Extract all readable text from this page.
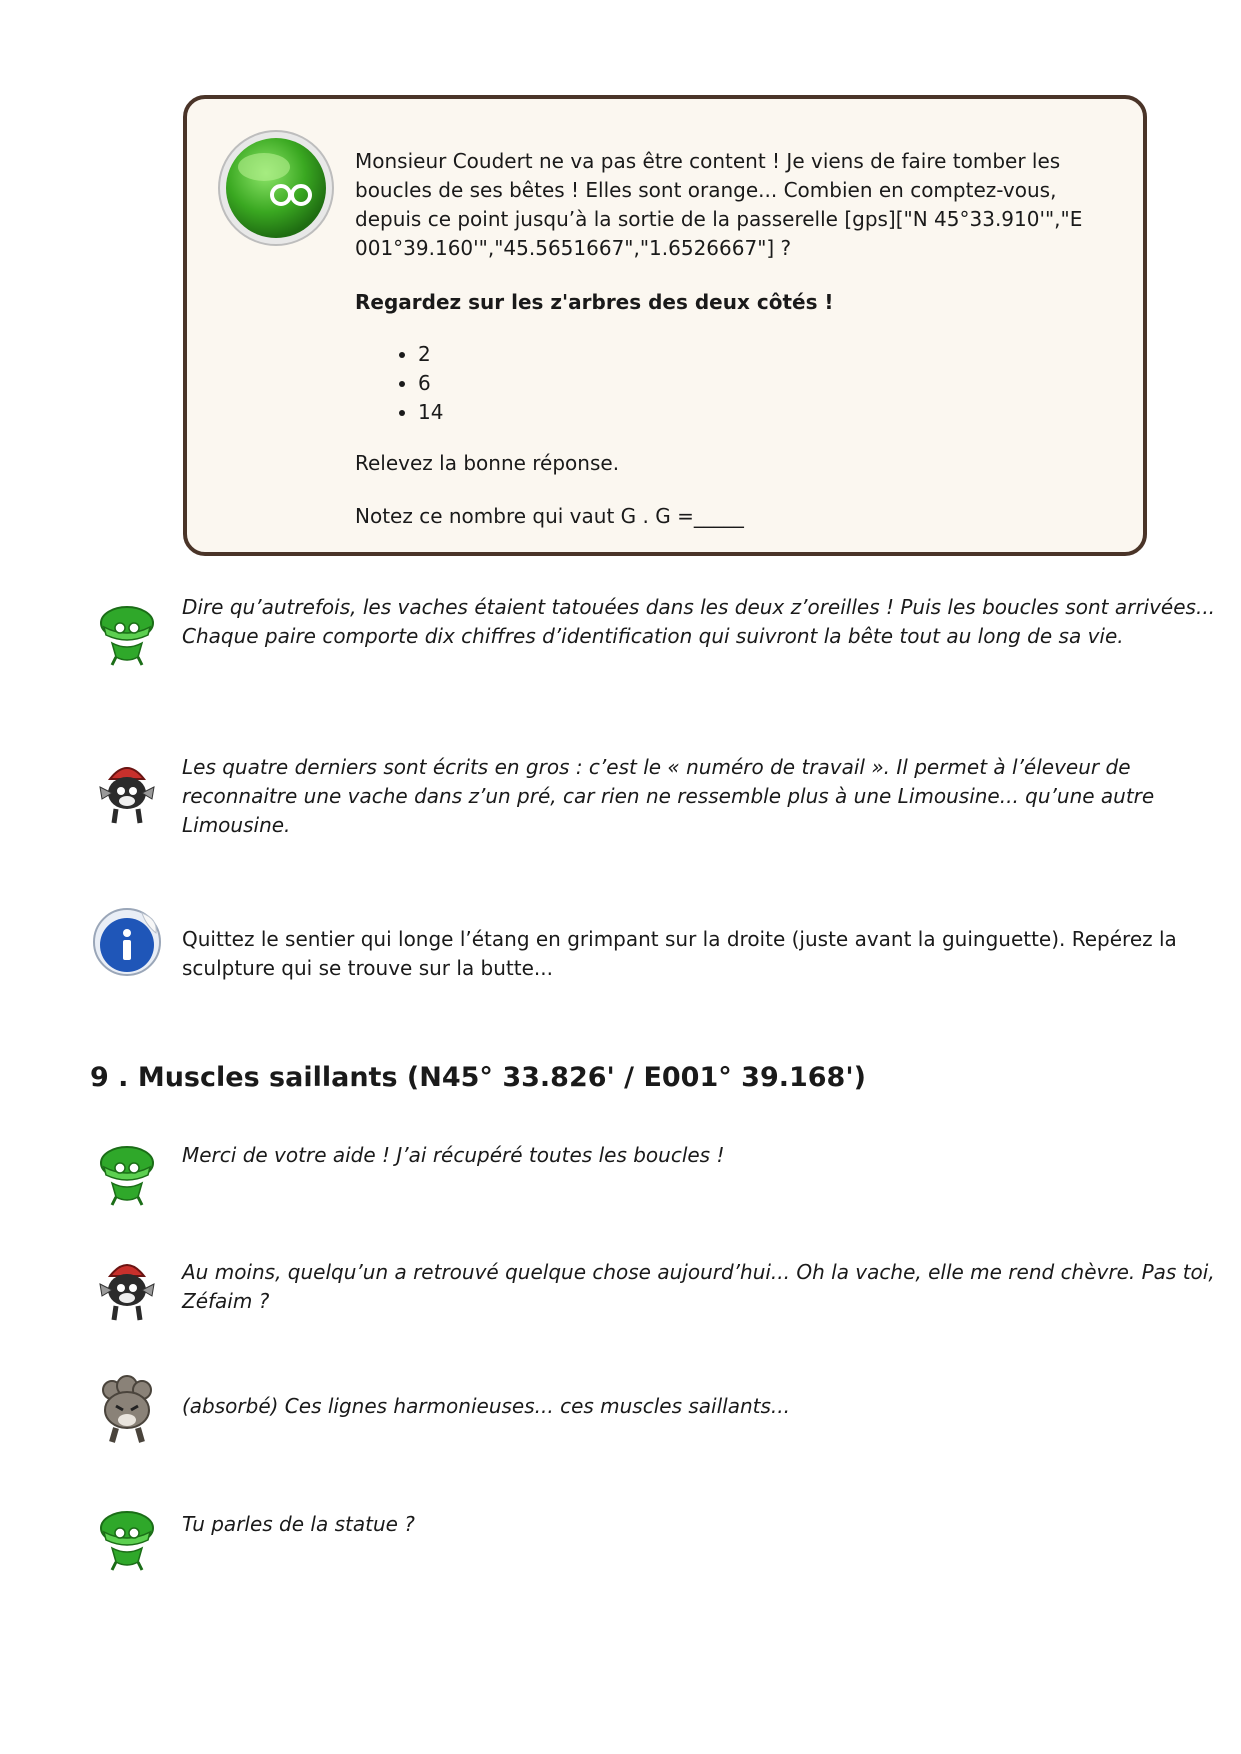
Monsieur Coudert ne va pas être content ! Je viens de faire tomber les boucles de ses bêtes ! Elles sont orange... Combien en comptez-vous, depuis ce point jusqu’à la sortie de la passerelle [gps]["N 45°33.910'","E 001°39.160'","45.5651667","1.6526667"] ?

Regardez sur les z'arbres des deux côtés !

• 2
• 6
• 14

Relevez la bonne réponse.

Notez ce nombre qui vaut G . G =_____

Dire qu’autrefois, les vaches étaient tatouées dans les deux z’oreilles ! Puis les boucles sont arrivées... Chaque paire comporte dix chiffres d’identification qui suivront la bête tout au long de sa vie.
Les quatre derniers sont écrits en gros : c’est le « numéro de travail ». Il permet à l’éleveur de reconnaitre une vache dans z’un pré, car rien ne ressemble plus à une Limousine... qu’une autre Limousine.
Quittez le sentier qui longe l’étang en grimpant sur la droite (juste avant la guinguette). Repérez la sculpture qui se trouve sur la butte...
9 . Muscles saillants (N45° 33.826' / E001° 39.168')
Merci de votre aide ! J’ai récupéré toutes les boucles !
Au moins, quelqu’un a retrouvé quelque chose aujourd’hui... Oh la vache, elle me rend chèvre. Pas toi, Zéfaim ?
(absorbé) Ces lignes harmonieuses... ces muscles saillants...
Tu parles de la statue ?
